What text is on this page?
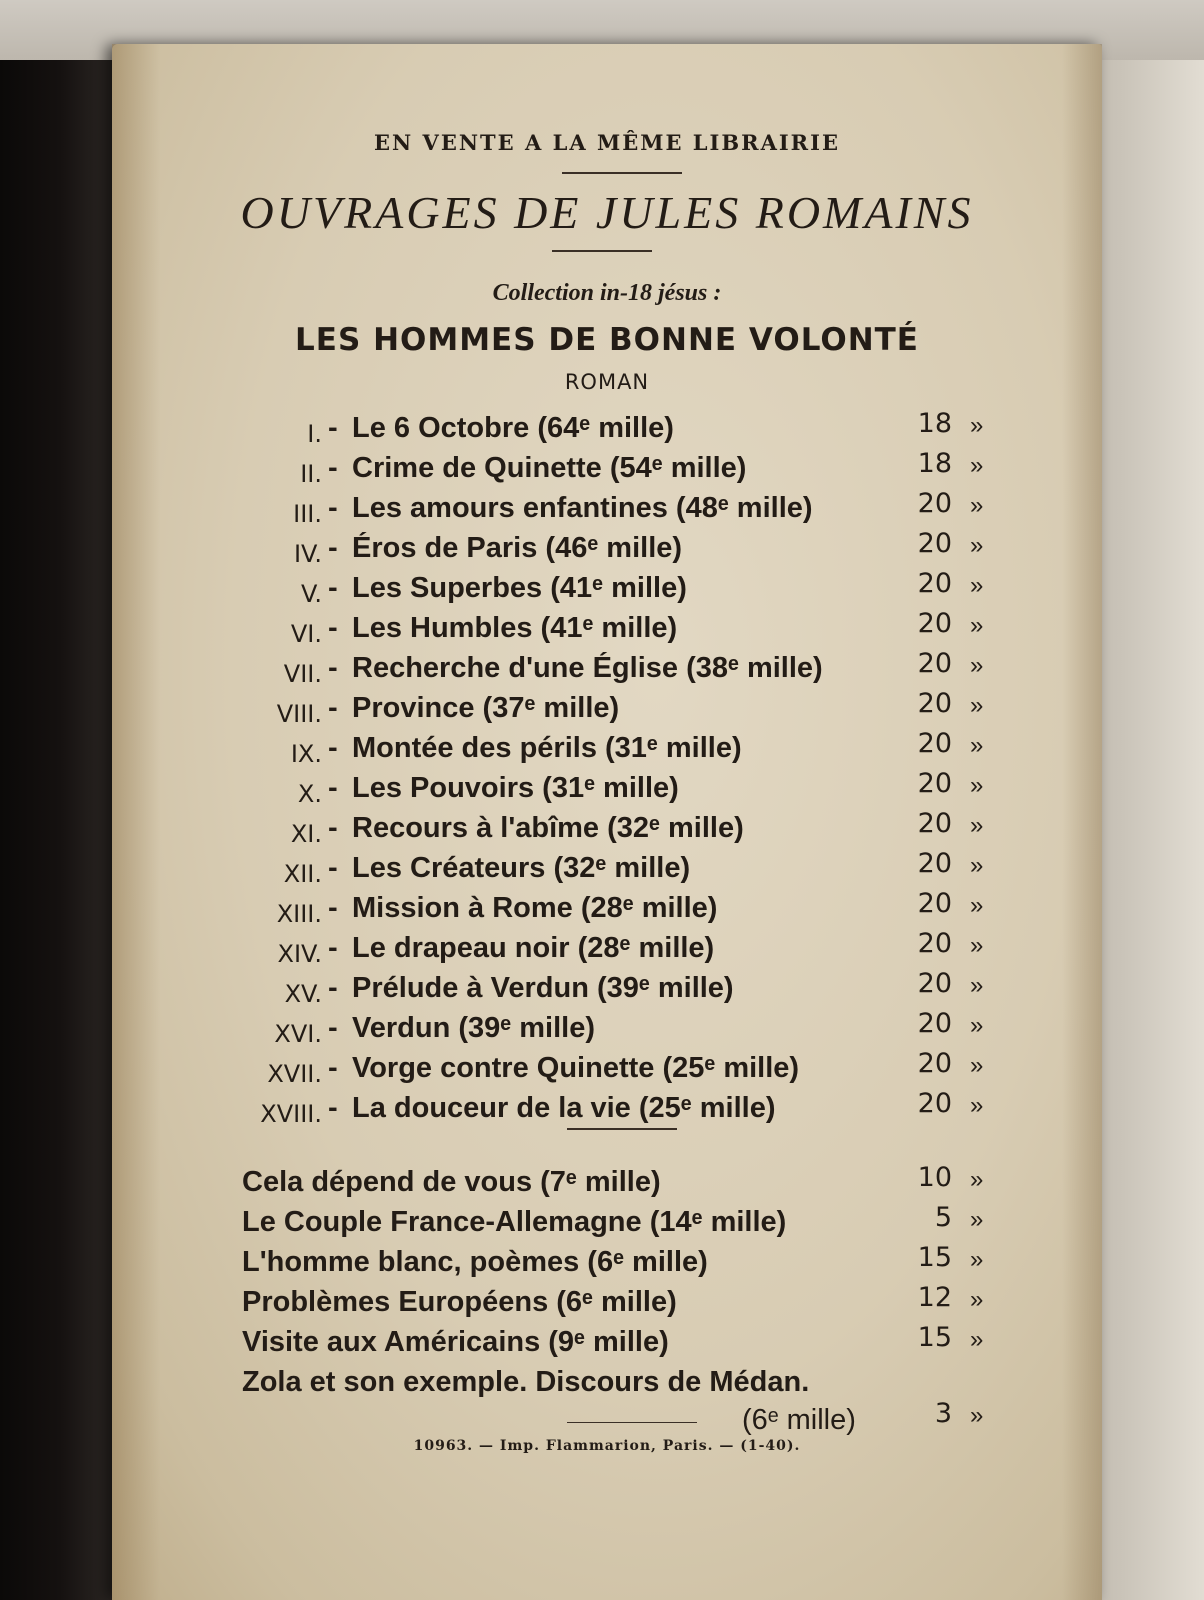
EN VENTE A LA MÊME LIBRAIRIE
OUVRAGES DE JULES ROMAINS
Collection in-18 jésus :
LES HOMMES DE BONNE VOLONTÉ
ROMAN
I. - Le 6 Octobre (64ᵉ mille)	18 »
II. - Crime de Quinette (54ᵉ mille)	18 »
III. - Les amours enfantines (48ᵉ mille)	20 »
IV. - Éros de Paris (46ᵉ mille)	20 »
V. - Les Superbes (41ᵉ mille)	20 »
VI. - Les Humbles (41ᵉ mille)	20 »
VII. - Recherche d'une Église (38ᵉ mille)	20 »
VIII. - Province (37ᵉ mille)	20 »
IX. - Montée des périls (31ᵉ mille)	20 »
X. - Les Pouvoirs (31ᵉ mille)	20 »
XI. - Recours à l'abîme (32ᵉ mille)	20 »
XII. - Les Créateurs (32ᵉ mille)	20 »
XIII. - Mission à Rome (28ᵉ mille)	20 »
XIV. - Le drapeau noir (28ᵉ mille)	20 »
XV. - Prélude à Verdun (39ᵉ mille)	20 »
XVI. - Verdun (39ᵉ mille)	20 »
XVII. - Vorge contre Quinette (25ᵉ mille)	20 »
XVIII. - La douceur de la vie (25ᵉ mille)	20 »
Cela dépend de vous (7ᵉ mille)	10 »
Le Couple France-Allemagne (14ᵉ mille)	5 »
L'homme blanc, poèmes (6ᵉ mille)	15 »
Problèmes Européens (6ᵉ mille)	12 »
Visite aux Américains (9ᵉ mille)	15 »
Zola et son exemple. Discours de Médan.
(6ᵉ mille)	3 »
10963. — Imp. Flammarion, Paris. — (1-40).
